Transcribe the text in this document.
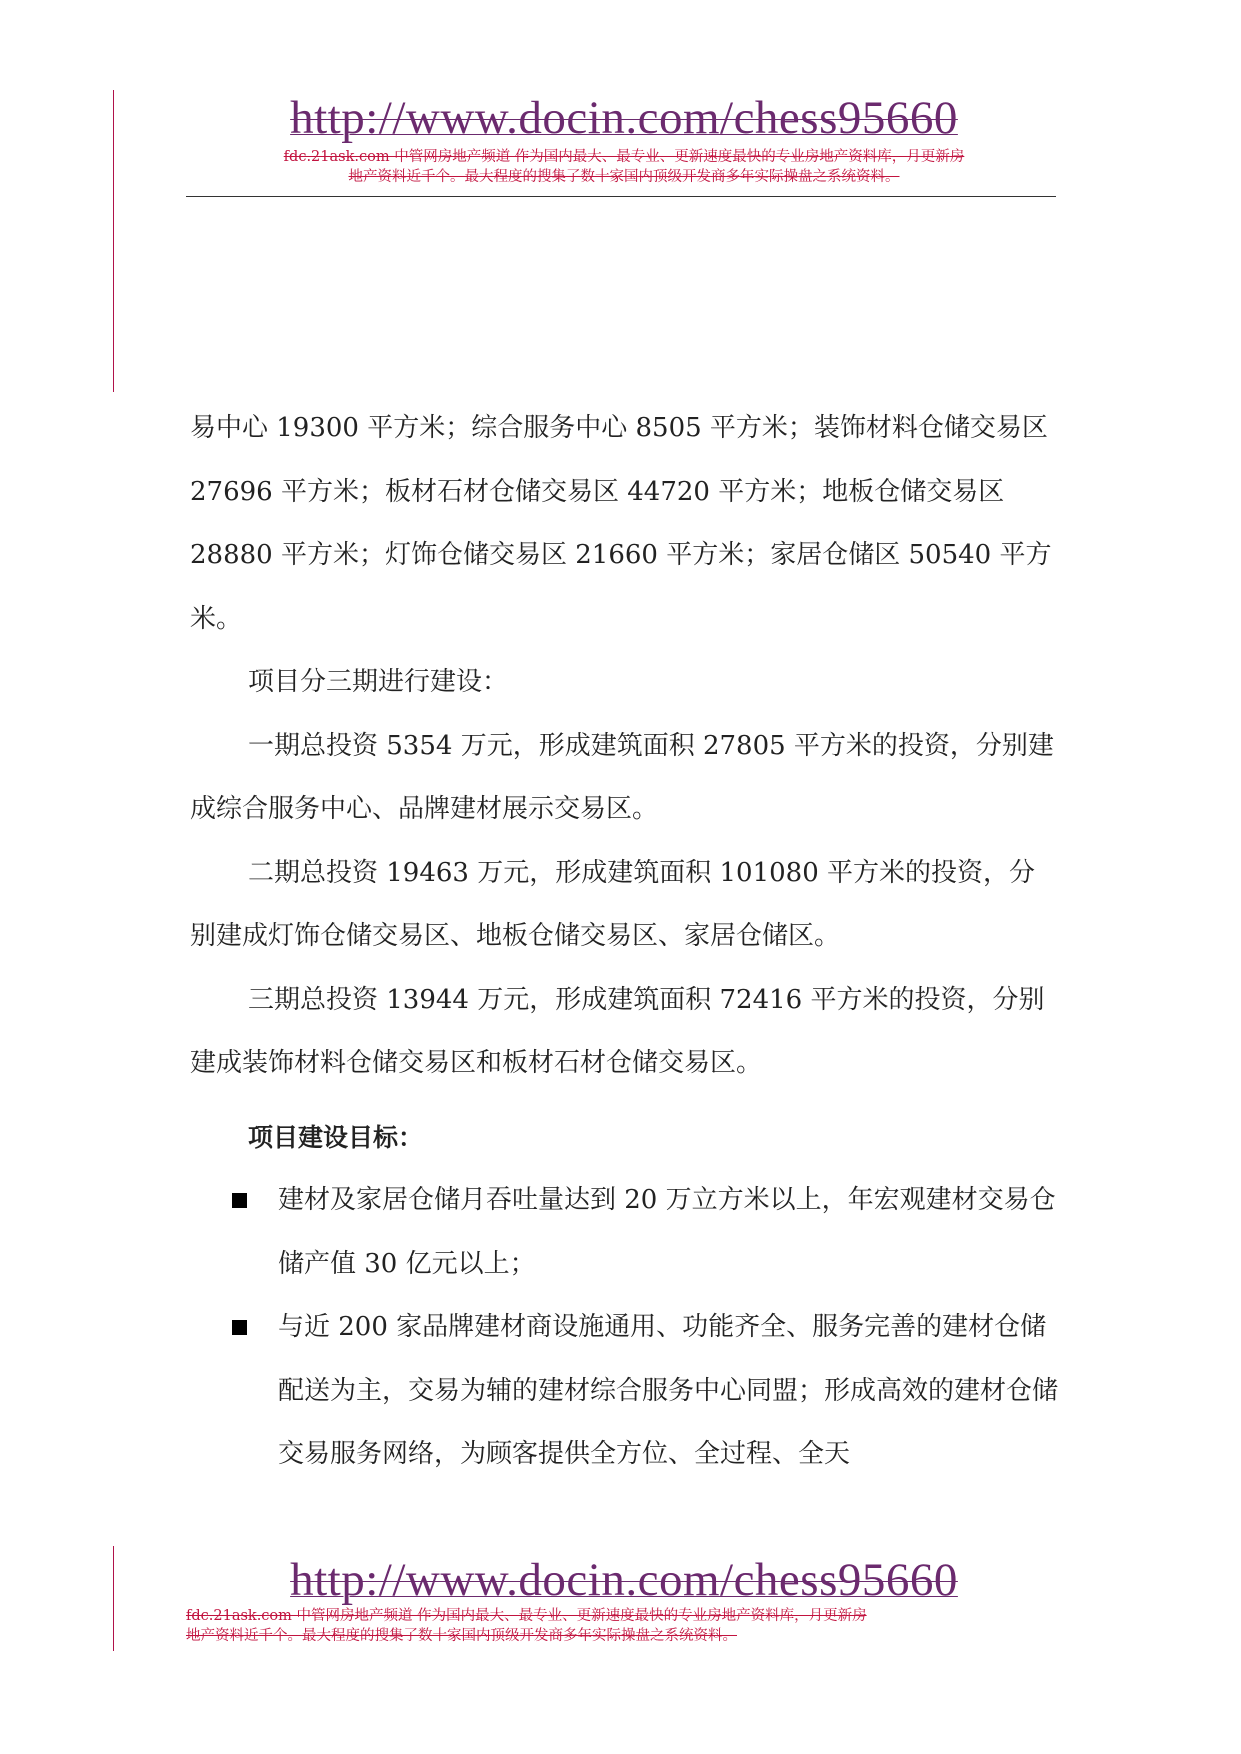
http://www.docin.com/chess95660
fdc.21ask.com 中管网房地产频道 作为国内最大、最专业、更新速度最快的专业房地产资料库，月更新房
地产资料近千个。最大程度的搜集了数十家国内顶级开发商多年实际操盘之系统资料。

易中心 19300 平方米；综合服务中心 8505 平方米；装饰材料仓储交易区 27696 平方米；板材石材仓储交易区 44720 平方米；地板仓储交易区 28880 平方米；灯饰仓储交易区 21660 平方米；家居仓储区 50540 平方米。

项目分三期进行建设：

一期总投资 5354 万元，形成建筑面积 27805 平方米的投资，分别建成综合服务中心、品牌建材展示交易区。

二期总投资 19463 万元，形成建筑面积 101080 平方米的投资，分别建成灯饰仓储交易区、地板仓储交易区、家居仓储区。

三期总投资 13944 万元，形成建筑面积 72416 平方米的投资，分别建成装饰材料仓储交易区和板材石材仓储交易区。

项目建设目标：

建材及家居仓储月吞吐量达到 20 万立方米以上，年宏观建材交易仓储产值 30 亿元以上；
与近 200 家品牌建材商设施通用、功能齐全、服务完善的建材仓储配送为主，交易为辅的建材综合服务中心同盟；形成高效的建材仓储交易服务网络，为顾客提供全方位、全过程、全天
http://www.docin.com/chess95660
fdc.21ask.com 中管网房地产频道 作为国内最大、最专业、更新速度最快的专业房地产资料库，月更新房
地产资料近千个。最大程度的搜集了数十家国内顶级开发商多年实际操盘之系统资料。
